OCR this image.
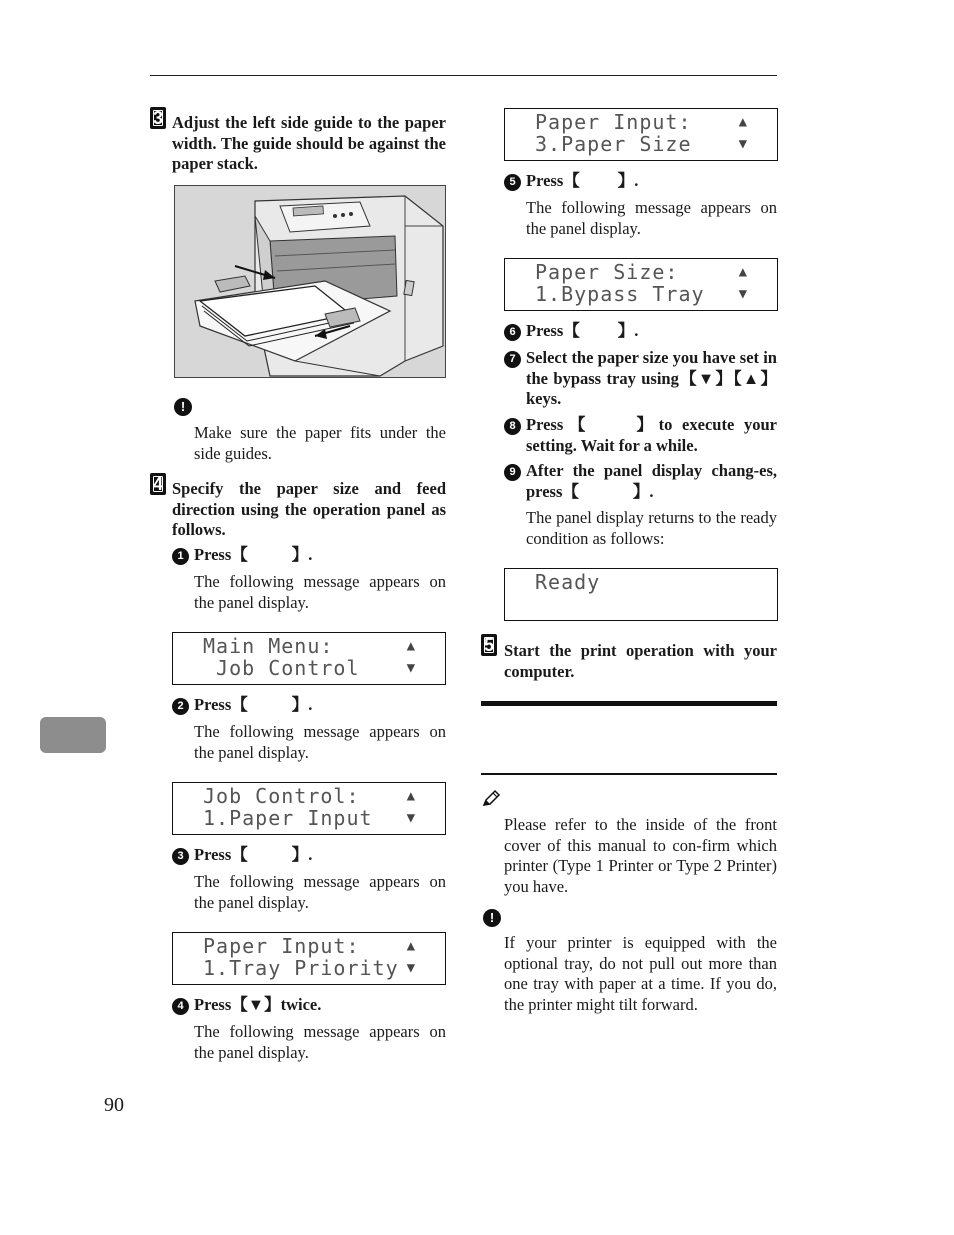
3 Adjust the left side guide to the paper width. The guide should be against the paper stack.
!
Make sure the paper fits under the side guides.
4 Specify the paper size and feed direction using the operation panel as follows.
1 Press【	】.
The following message appears on the panel display.
Main Menu:
Job Control
▲
▼
2 Press【	】.
The following message appears on the panel display.
Job Control:
1.Paper Input
▲
▼
3 Press【	】.
The following message appears on the panel display.
Paper Input:
1.Tray Priority
▲
▼
4 Press【▼】twice.
The following message appears on the panel display.
90
Paper Input:
3.Paper Size
▲
▼
5 Press【 】.
The following message appears on the panel display.
Paper Size:
1.Bypass Tray
▲
▼
6 Press【 】.
7 Select the paper size you have set in the bypass tray using【▼】【▲】keys.
8 Press【 】to execute your setting. Wait for a while.
9 After the panel display chang-es, press【	】.
The panel display returns to the ready condition as follows:
Ready
5 Start the print operation with your computer.
Please refer to the inside of the front cover of this manual to con-firm which printer (Type 1 Printer or Type 2 Printer) you have.
!
If your printer is equipped with the optional tray, do not pull out more than one tray with paper at a time. If you do, the printer might tilt forward.
